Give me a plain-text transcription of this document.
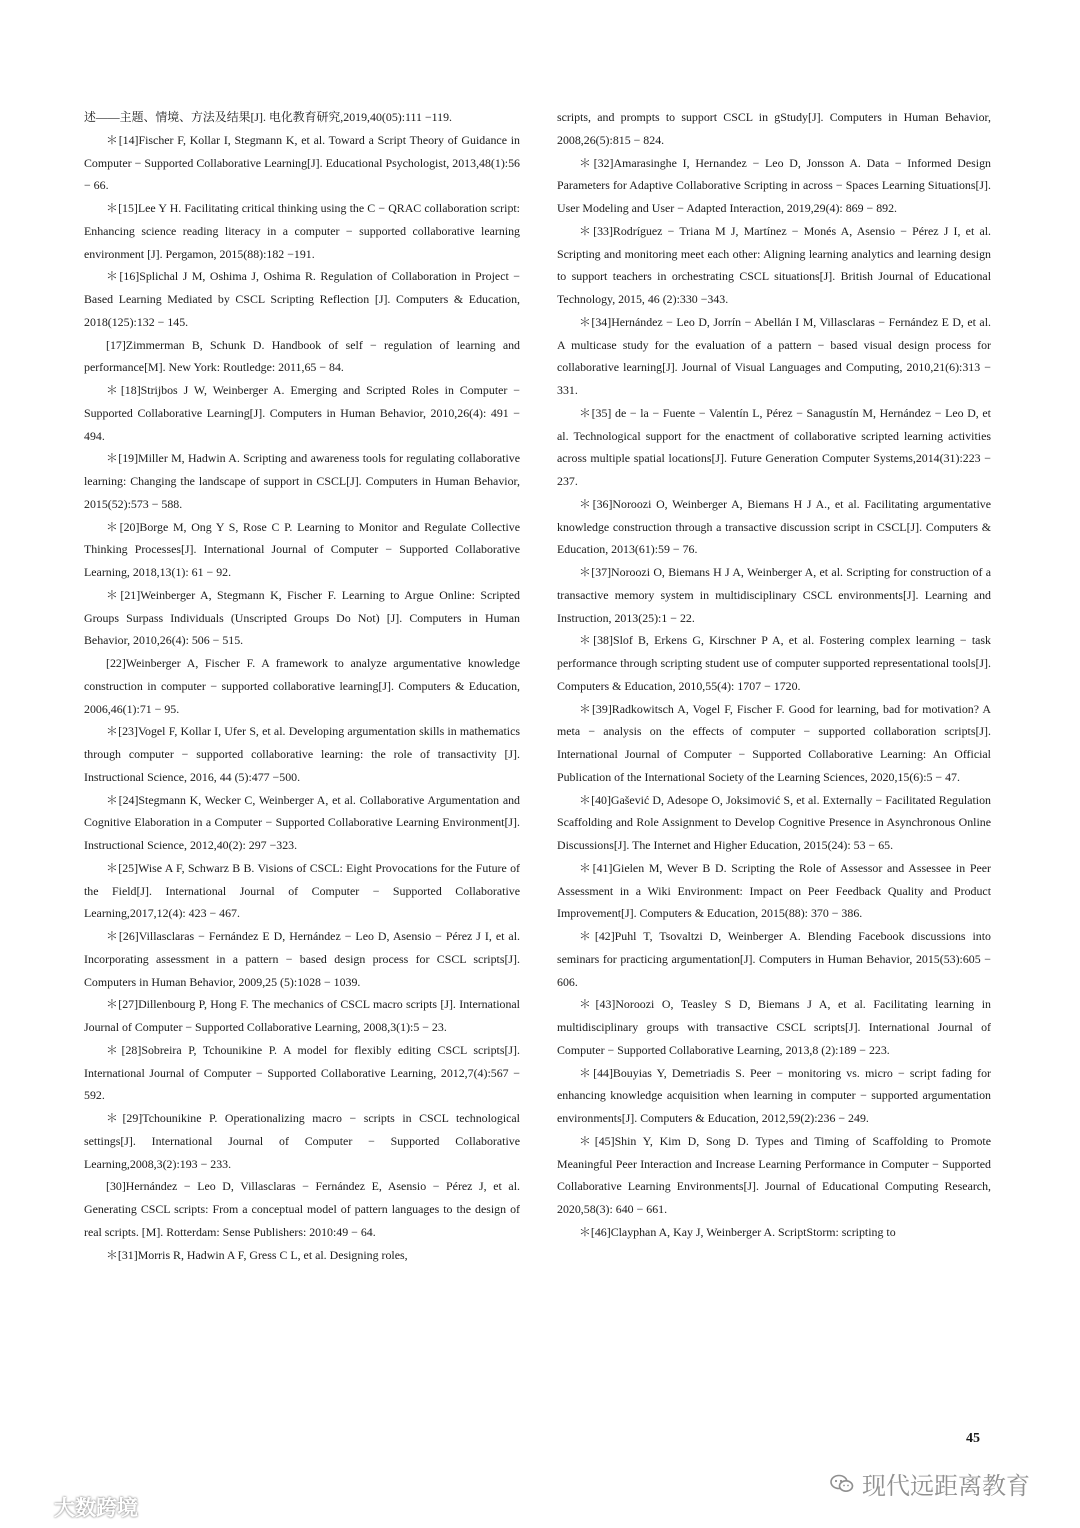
述——主题、情境、方法及结果[J]. 电化教育研究,2019,40(05):111 −119.

＊[14]Fischer F, Kollar I, Stegmann K, et al. Toward a Script Theory of Guidance in Computer − Supported Collaborative Learning[J]. Educational Psychologist, 2013,48(1):56 − 66.

＊[15]Lee Y H. Facilitating critical thinking using the C − QRAC collaboration script: Enhancing science reading literacy in a computer − supported collaborative learning environment [J]. Pergamon, 2015(88):182 −191.

＊[16]Splichal J M, Oshima J, Oshima R. Regulation of Collaboration in Project − Based Learning Mediated by CSCL Scripting Reflection [J]. Computers & Education, 2018(125):132 − 145.

[17]Zimmerman B, Schunk D. Handbook of self − regulation of learning and performance[M]. New York: Routledge: 2011,65 − 84.

＊[18]Strijbos J W, Weinberger A. Emerging and Scripted Roles in Computer − Supported Collaborative Learning[J]. Computers in Human Behavior, 2010,26(4): 491 − 494.

＊[19]Miller M, Hadwin A. Scripting and awareness tools for regulating collaborative learning: Changing the landscape of support in CSCL[J]. Computers in Human Behavior, 2015(52):573 − 588.

＊[20]Borge M, Ong Y S, Rose C P. Learning to Monitor and Regulate Collective Thinking Processes[J]. International Journal of Computer − Supported Collaborative Learning, 2018,13(1): 61 − 92.

＊[21]Weinberger A, Stegmann K, Fischer F. Learning to Argue Online: Scripted Groups Surpass Individuals (Unscripted Groups Do Not) [J]. Computers in Human Behavior, 2010,26(4): 506 − 515.

[22]Weinberger A, Fischer F. A framework to analyze argumentative knowledge construction in computer − supported collaborative learning[J]. Computers & Education, 2006,46(1):71 − 95.

＊[23]Vogel F, Kollar I, Ufer S, et al. Developing argumentation skills in mathematics through computer − supported collaborative learning: the role of transactivity [J]. Instructional Science, 2016, 44 (5):477 −500.

＊[24]Stegmann K, Wecker C, Weinberger A, et al. Collaborative Argumentation and Cognitive Elaboration in a Computer − Supported Collaborative Learning Environment[J]. Instructional Science, 2012,40(2): 297 −323.

＊[25]Wise A F, Schwarz B B. Visions of CSCL: Eight Provocations for the Future of the Field[J]. International Journal of Computer − Supported Collaborative Learning,2017,12(4): 423 − 467.

＊[26]Villasclaras − Fernández E D, Hernández − Leo D, Asensio − Pérez J I, et al. Incorporating assessment in a pattern − based design process for CSCL scripts[J]. Computers in Human Behavior, 2009,25 (5):1028 − 1039.

＊[27]Dillenbourg P, Hong F. The mechanics of CSCL macro scripts [J]. International Journal of Computer − Supported Collaborative Learning, 2008,3(1):5 − 23.

＊[28]Sobreira P, Tchounikine P. A model for flexibly editing CSCL scripts[J]. International Journal of Computer − Supported Collaborative Learning, 2012,7(4):567 − 592.

＊[29]Tchounikine P. Operationalizing macro − scripts in CSCL technological settings[J]. International Journal of Computer − Supported Collaborative Learning,2008,3(2):193 − 233.

[30]Hernández − Leo D, Villasclaras − Fernández E, Asensio − Pérez J, et al. Generating CSCL scripts: From a conceptual model of pattern languages to the design of real scripts. [M]. Rotterdam: Sense Publishers: 2010:49 − 64.

＊[31]Morris R, Hadwin A F, Gress C L, et al. Designing roles,

scripts, and prompts to support CSCL in gStudy[J]. Computers in Human Behavior, 2008,26(5):815 − 824.

＊[32]Amarasinghe I, Hernandez − Leo D, Jonsson A. Data − Informed Design Parameters for Adaptive Collaborative Scripting in across − Spaces Learning Situations[J]. User Modeling and User − Adapted Interaction, 2019,29(4): 869 − 892.

＊[33]Rodríguez − Triana M J, Martínez − Monés A, Asensio − Pérez J I, et al. Scripting and monitoring meet each other: Aligning learning analytics and learning design to support teachers in orchestrating CSCL situations[J]. British Journal of Educational Technology, 2015, 46 (2):330 −343.

＊[34]Hernández − Leo D, Jorrín − Abellán I M, Villasclaras − Fernández E D, et al. A multicase study for the evaluation of a pattern − based visual design process for collaborative learning[J]. Journal of Visual Languages and Computing, 2010,21(6):313 − 331.

＊[35] de − la − Fuente − Valentín L, Pérez − Sanagustín M, Hernández − Leo D, et al. Technological support for the enactment of collaborative scripted learning activities across multiple spatial locations[J]. Future Generation Computer Systems,2014(31):223 − 237.

＊[36]Noroozi O, Weinberger A, Biemans H J A., et al. Facilitating argumentative knowledge construction through a transactive discussion script in CSCL[J]. Computers & Education, 2013(61):59 − 76.

＊[37]Noroozi O, Biemans H J A, Weinberger A, et al. Scripting for construction of a transactive memory system in multidisciplinary CSCL environments[J]. Learning and Instruction, 2013(25):1 − 22.

＊[38]Slof B, Erkens G, Kirschner P A, et al. Fostering complex learning − task performance through scripting student use of computer supported representational tools[J]. Computers & Education, 2010,55(4): 1707 − 1720.

＊[39]Radkowitsch A, Vogel F, Fischer F. Good for learning, bad for motivation? A meta − analysis on the effects of computer − supported collaboration scripts[J]. International Journal of Computer − Supported Collaborative Learning: An Official Publication of the International Society of the Learning Sciences, 2020,15(6):5 − 47.

＊[40]Gašević D, Adesope O, Joksimović S, et al. Externally − Facilitated Regulation Scaffolding and Role Assignment to Develop Cognitive Presence in Asynchronous Online Discussions[J]. The Internet and Higher Education, 2015(24): 53 − 65.

＊[41]Gielen M, Wever B D. Scripting the Role of Assessor and Assessee in Peer Assessment in a Wiki Environment: Impact on Peer Feedback Quality and Product Improvement[J]. Computers & Education, 2015(88): 370 − 386.

＊[42]Puhl T, Tsovaltzi D, Weinberger A. Blending Facebook discussions into seminars for practicing argumentation[J]. Computers in Human Behavior, 2015(53):605 − 606.

＊[43]Noroozi O, Teasley S D, Biemans J A, et al. Facilitating learning in multidisciplinary groups with transactive CSCL scripts[J]. International Journal of Computer − Supported Collaborative Learning, 2013,8 (2):189 − 223.

＊[44]Bouyias Y, Demetriadis S. Peer − monitoring vs. micro − script fading for enhancing knowledge acquisition when learning in computer − supported argumentation environments[J]. Computers & Education, 2012,59(2):236 − 249.

＊[45]Shin Y, Kim D, Song D. Types and Timing of Scaffolding to Promote Meaningful Peer Interaction and Increase Learning Performance in Computer − Supported Collaborative Learning Environments[J]. Journal of Educational Computing Research, 2020,58(3): 640 − 661.

＊[46]Clayphan A, Kay J, Weinberger A. ScriptStorm: scripting to

45
现代远距离教育
大数跨境
